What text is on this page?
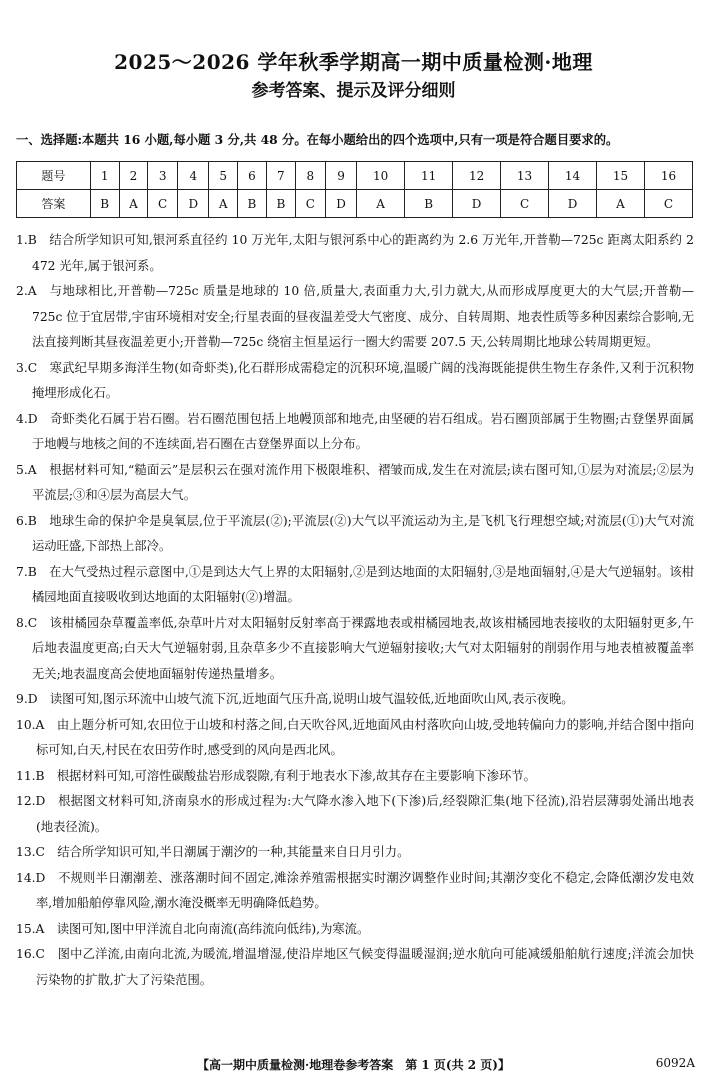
2025～2026 学年秋季学期高一期中质量检测·地理
参考答案、提示及评分细则
一、选择题:本题共 16 小题,每小题 3 分,共 48 分。在每小题给出的四个选项中,只有一项是符合题目要求的。
题号	1	2	3	4	5	6	7	8	9	10	11	12	13	14	15	16
答案	B	A	C	D	A	B	B	C	D	A	B	D	C	D	A	C

1.B　结合所学知识可知,银河系直径约 10 万光年,太阳与银河系中心的距离约为 2.6 万光年,开普勒—725c 距离太阳系约 2 472 光年,属于银河系。

2.A　与地球相比,开普勒—725c 质量是地球的 10 倍,质量大,表面重力大,引力就大,从而形成厚度更大的大气层;开普勒—725c 位于宜居带,宇宙环境相对安全;行星表面的昼夜温差受大气密度、成分、自转周期、地表性质等多种因素综合影响,无法直接判断其昼夜温差更小;开普勒—725c 绕宿主恒星运行一圈大约需要 207.5 天,公转周期比地球公转周期更短。

3.C　寒武纪早期多海洋生物(如奇虾类),化石群形成需稳定的沉积环境,温暖广阔的浅海既能提供生物生存条件,又利于沉积物掩埋形成化石。

4.D　奇虾类化石属于岩石圈。岩石圈范围包括上地幔顶部和地壳,由坚硬的岩石组成。岩石圈顶部属于生物圈;古登堡界面属于地幔与地核之间的不连续面,岩石圈在古登堡界面以上分布。

5.A　根据材料可知,“糙面云”是层积云在强对流作用下极限堆积、褶皱而成,发生在对流层;读右图可知,①层为对流层;②层为平流层;③和④层为高层大气。

6.B　地球生命的保护伞是臭氧层,位于平流层(②);平流层(②)大气以平流运动为主,是飞机飞行理想空域;对流层(①)大气对流运动旺盛,下部热上部冷。

7.B　在大气受热过程示意图中,①是到达大气上界的太阳辐射,②是到达地面的太阳辐射,③是地面辐射,④是大气逆辐射。该柑橘园地面直接吸收到达地面的太阳辐射(②)增温。

8.C　该柑橘园杂草覆盖率低,杂草叶片对太阳辐射反射率高于裸露地表或柑橘园地表,故该柑橘园地表接收的太阳辐射更多,午后地表温度更高;白天大气逆辐射弱,且杂草多少不直接影响大气逆辐射接收;大气对太阳辐射的削弱作用与地表植被覆盖率无关;地表温度高会使地面辐射传递热量增多。

9.D　读图可知,图示环流中山坡气流下沉,近地面气压升高,说明山坡气温较低,近地面吹山风,表示夜晚。

10.A　由上题分析可知,农田位于山坡和村落之间,白天吹谷风,近地面风由村落吹向山坡,受地转偏向力的影响,并结合图中指向标可知,白天,村民在农田劳作时,感受到的风向是西北风。

11.B　根据材料可知,可溶性碳酸盐岩形成裂隙,有利于地表水下渗,故其存在主要影响下渗环节。

12.D　根据图文材料可知,济南泉水的形成过程为:大气降水渗入地下(下渗)后,经裂隙汇集(地下径流),沿岩层薄弱处涌出地表(地表径流)。

13.C　结合所学知识可知,半日潮属于潮汐的一种,其能量来自日月引力。

14.D　不规则半日潮潮差、涨落潮时间不固定,滩涂养殖需根据实时潮汐调整作业时间;其潮汐变化不稳定,会降低潮汐发电效率,增加船舶停靠风险,潮水淹没概率无明确降低趋势。

15.A　读图可知,图中甲洋流自北向南流(高纬流向低纬),为寒流。

16.C　图中乙洋流,由南向北流,为暖流,增温增湿,使沿岸地区气候变得温暖湿润;逆水航向可能减缓船舶航行速度;洋流会加快污染物的扩散,扩大了污染范围。

【高一期中质量检测·地理卷参考答案　第 1 页(共 2 页)】	6092A
